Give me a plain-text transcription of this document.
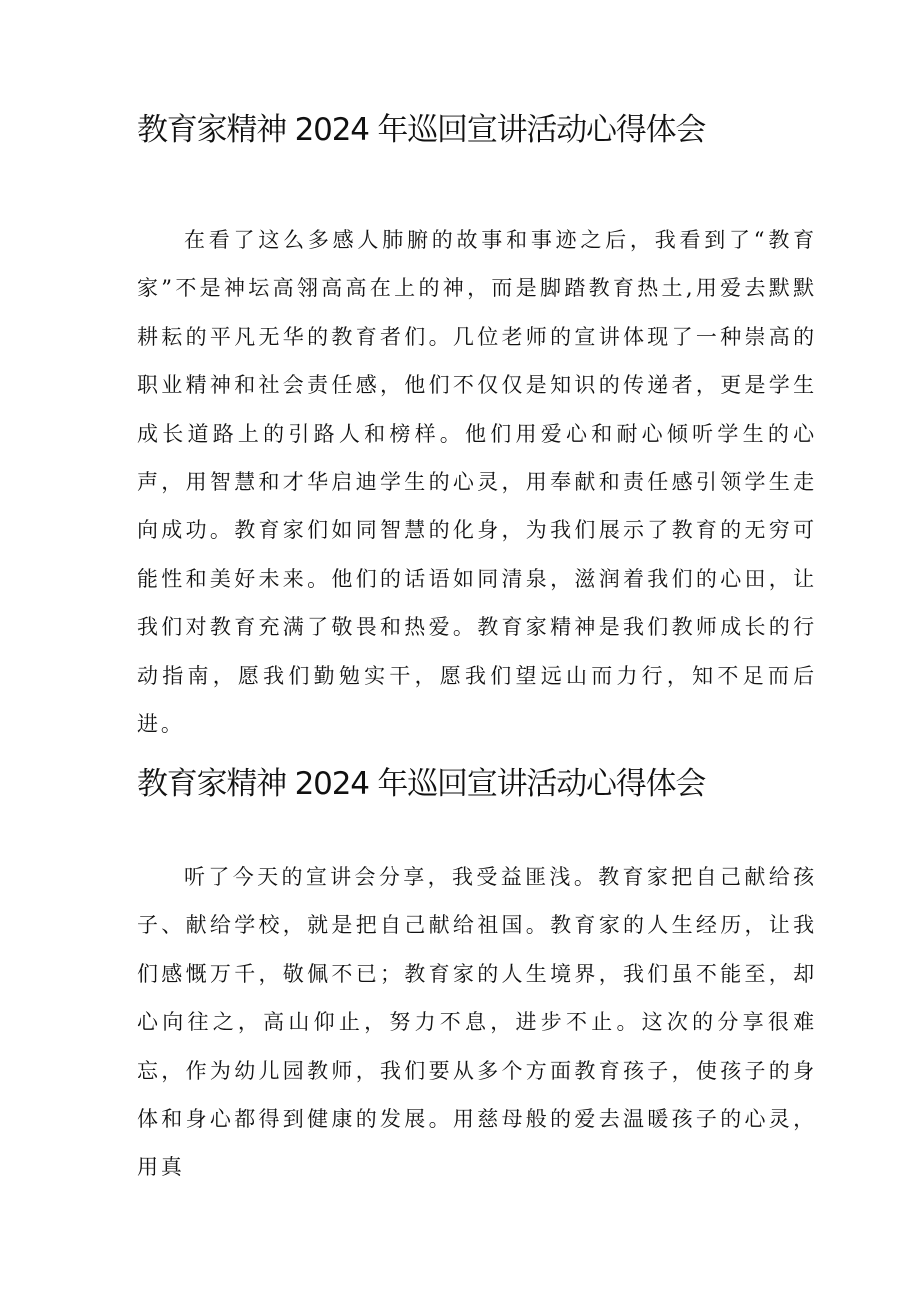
教育家精神 2024 年巡回宣讲活动心得体会

在看了这么多感人肺腑的故事和事迹之后，我看到了“教育家”不是神坛高翎高高在上的神，而是脚踏教育热土,用爱去默默耕耘的平凡无华的教育者们。几位老师的宣讲体现了一种崇高的职业精神和社会责任感，他们不仅仅是知识的传递者，更是学生成长道路上的引路人和榜样。他们用爱心和耐心倾听学生的心声，用智慧和才华启迪学生的心灵，用奉献和责任感引领学生走向成功。教育家们如同智慧的化身，为我们展示了教育的无穷可能性和美好未来。他们的话语如同清泉，滋润着我们的心田，让我们对教育充满了敬畏和热爱。教育家精神是我们教师成长的行动指南，愿我们勤勉实干，愿我们望远山而力行，知不足而后进。

教育家精神 2024 年巡回宣讲活动心得体会

听了今天的宣讲会分享，我受益匪浅。教育家把自己献给孩子、献给学校，就是把自己献给祖国。教育家的人生经历，让我们感慨万千，敬佩不已；教育家的人生境界，我们虽不能至，却心向往之，高山仰止，努力不息，进步不止。这次的分享很难忘，作为幼儿园教师，我们要从多个方面教育孩子，使孩子的身体和身心都得到健康的发展。用慈母般的爱去温暖孩子的心灵，用真
